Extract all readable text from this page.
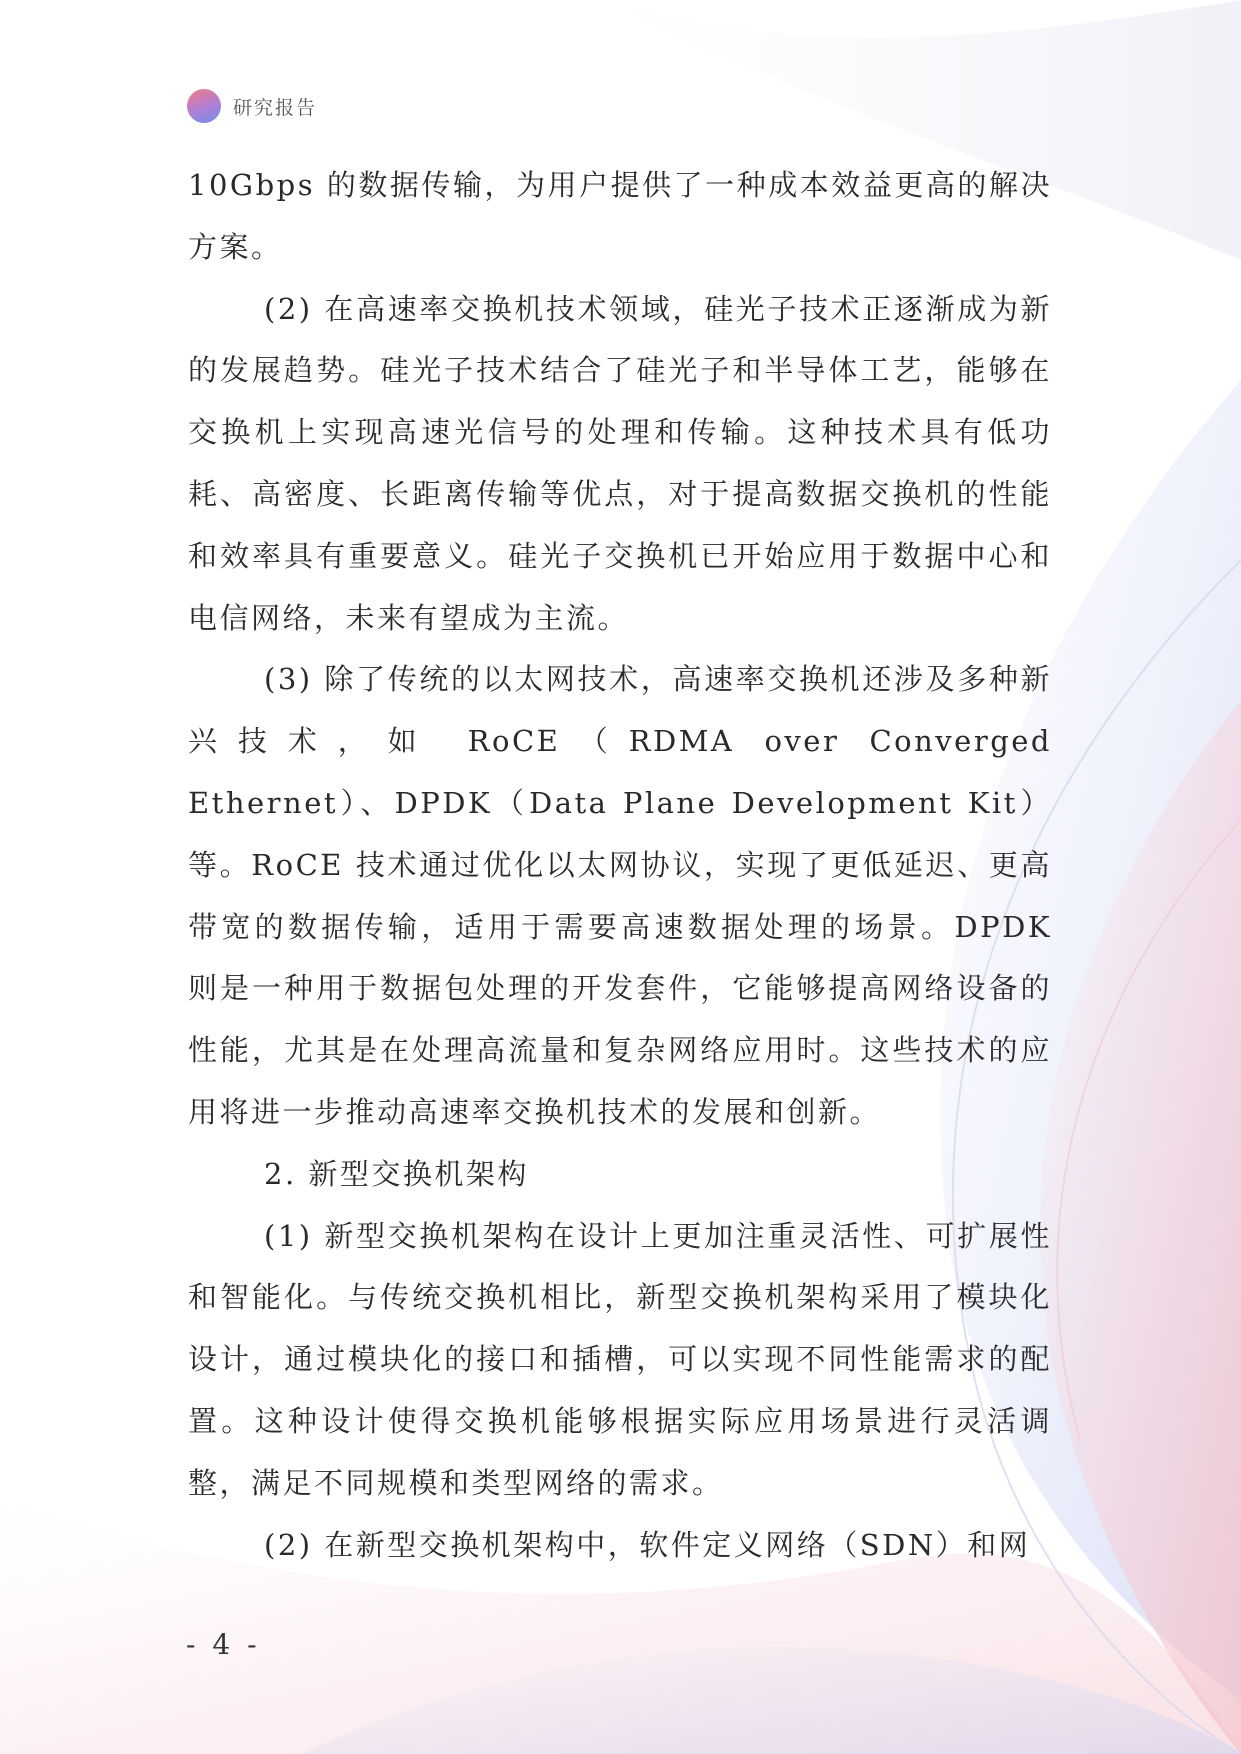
研究报告

10Gbps 的数据传输，为用户提供了一种成本效益更高的解决方案。

(2) 在高速率交换机技术领域，硅光子技术正逐渐成为新的发展趋势。硅光子技术结合了硅光子和半导体工艺，能够在交换机上实现高速光信号的处理和传输。这种技术具有低功耗、高密度、长距离传输等优点，对于提高数据交换机的性能和效率具有重要意义。硅光子交换机已开始应用于数据中心和电信网络，未来有望成为主流。

(3) 除了传统的以太网技术，高速率交换机还涉及多种新兴技术，如 RoCE（RDMA over Converged Ethernet）、DPDK（Data Plane Development Kit）等。RoCE 技术通过优化以太网协议，实现了更低延迟、更高带宽的数据传输，适用于需要高速数据处理的场景。DPDK 则是一种用于数据包处理的开发套件，它能够提高网络设备的性能，尤其是在处理高流量和复杂网络应用时。这些技术的应用将进一步推动高速率交换机技术的发展和创新。

2. 新型交换机架构

(1) 新型交换机架构在设计上更加注重灵活性、可扩展性和智能化。与传统交换机相比，新型交换机架构采用了模块化设计，通过模块化的接口和插槽，可以实现不同性能需求的配置。这种设计使得交换机能够根据实际应用场景进行灵活调整，满足不同规模和类型网络的需求。

(2) 在新型交换机架构中，软件定义网络（SDN）和网

- 4 -
